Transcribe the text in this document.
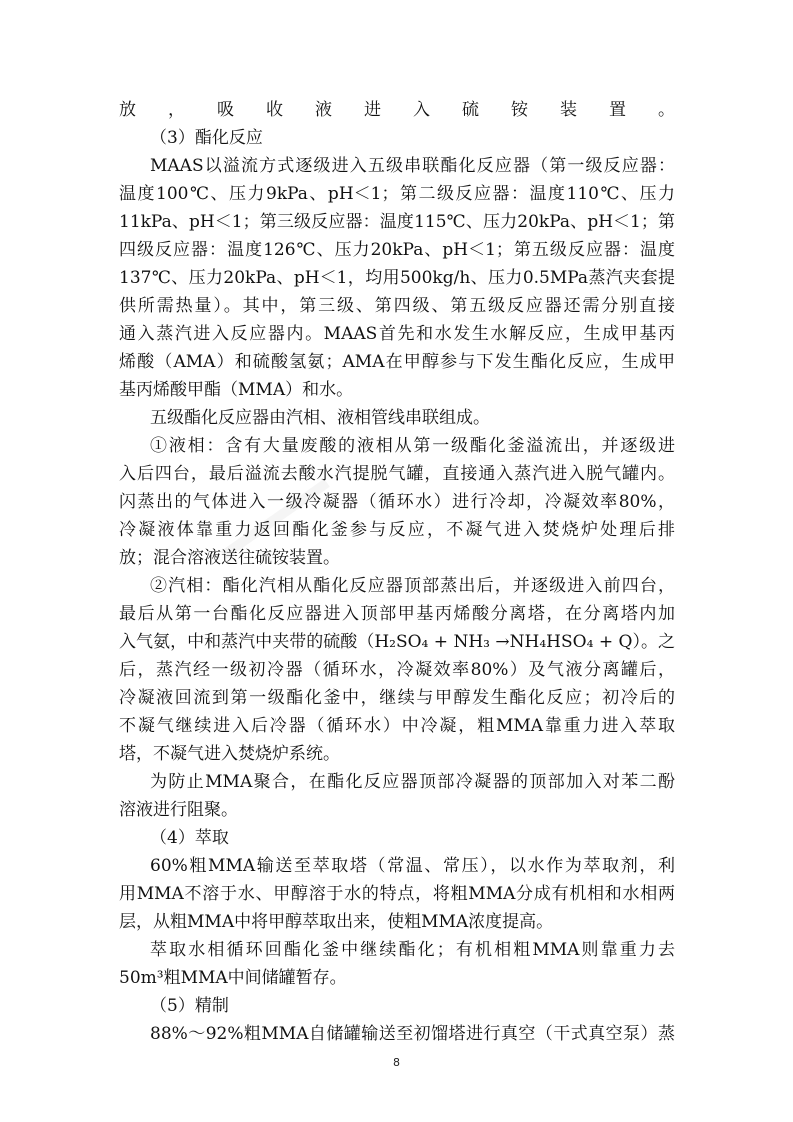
放，吸收液进入硫铵装置。
（3）酯化反应
MAAS以溢流方式逐级进入五级串联酯化反应器（第一级反应器：
温度100℃、压力9kPa、pH＜1；第二级反应器：温度110℃、压力
11kPa、pH＜1；第三级反应器：温度115℃、压力20kPa、pH＜1；第
四级反应器：温度126℃、压力20kPa、pH＜1；第五级反应器：温度
137℃、压力20kPa、pH＜1，均用500kg/h、压力0.5MPa蒸汽夹套提
供所需热量）。其中，第三级、第四级、第五级反应器还需分别直接
通入蒸汽进入反应器内。MAAS首先和水发生水解反应，生成甲基丙
烯酸（AMA）和硫酸氢氨；AMA在甲醇参与下发生酯化反应，生成甲
基丙烯酸甲酯（MMA）和水。
五级酯化反应器由汽相、液相管线串联组成。
①液相：含有大量废酸的液相从第一级酯化釜溢流出，并逐级进
入后四台，最后溢流去酸水汽提脱气罐，直接通入蒸汽进入脱气罐内。
闪蒸出的气体进入一级冷凝器（循环水）进行冷却，冷凝效率80%，
冷凝液体靠重力返回酯化釜参与反应，不凝气进入焚烧炉处理后排
放；混合溶液送往硫铵装置。
②汽相：酯化汽相从酯化反应器顶部蒸出后，并逐级进入前四台，
最后从第一台酯化反应器进入顶部甲基丙烯酸分离塔，在分离塔内加
入气氨，中和蒸汽中夹带的硫酸（H₂SO₄ + NH₃ →NH₄HSO₄ + Q）。之
后，蒸汽经一级初冷器（循环水，冷凝效率80%）及气液分离罐后，
冷凝液回流到第一级酯化釜中，继续与甲醇发生酯化反应；初冷后的
不凝气继续进入后冷器（循环水）中冷凝，粗MMA靠重力进入萃取
塔，不凝气进入焚烧炉系统。
为防止MMA聚合，在酯化反应器顶部冷凝器的顶部加入对苯二酚
溶液进行阻聚。
（4）萃取
60%粗MMA输送至萃取塔（常温、常压），以水作为萃取剂，利
用MMA不溶于水、甲醇溶于水的特点，将粗MMA分成有机相和水相两
层，从粗MMA中将甲醇萃取出来，使粗MMA浓度提高。
萃取水相循环回酯化釜中继续酯化；有机相粗MMA则靠重力去
50m³粗MMA中间储罐暂存。
（5）精制
88%～92%粗MMA自储罐输送至初馏塔进行真空（干式真空泵）蒸
8
